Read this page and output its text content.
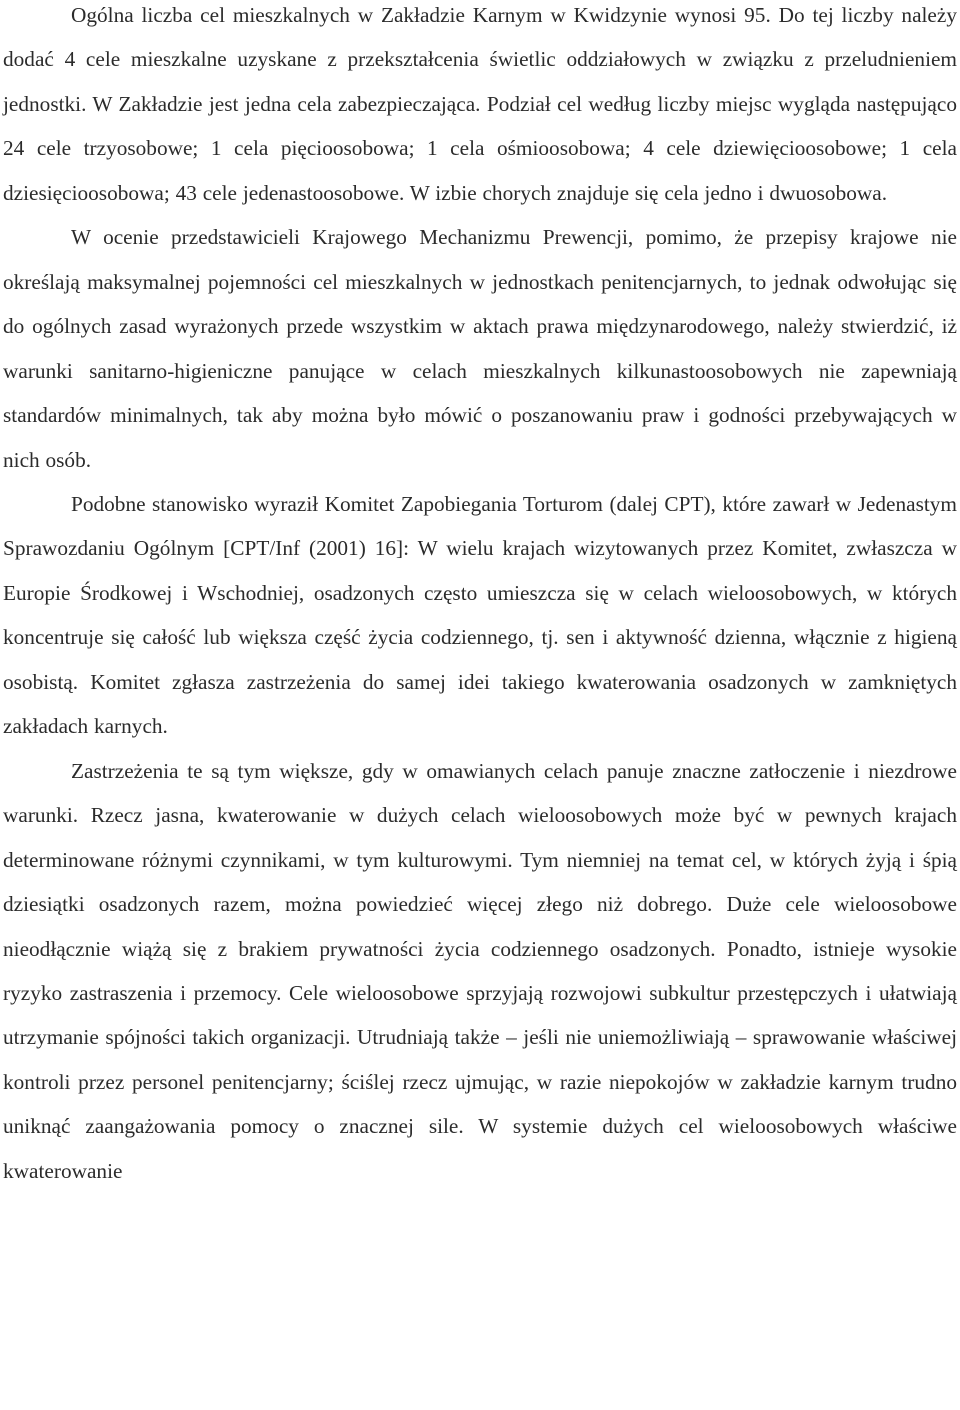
Ogólna liczba cel mieszkalnych w Zakładzie Karnym w Kwidzynie wynosi 95. Do tej liczby należy dodać 4 cele mieszkalne uzyskane z przekształcenia świetlic oddziałowych w związku z przeludnieniem jednostki. W Zakładzie jest jedna cela zabezpieczająca. Podział cel według liczby miejsc wygląda następująco 24 cele trzyosobowe; 1 cela pięcioosobowa; 1 cela ośmioosobowa; 4 cele dziewięcioosobowe; 1 cela dziesięcioosobowa; 43 cele jedenastoosobowe. W izbie chorych znajduje się cela jedno i dwuosobowa.

W ocenie przedstawicieli Krajowego Mechanizmu Prewencji, pomimo, że przepisy krajowe nie określają maksymalnej pojemności cel mieszkalnych w jednostkach penitencjarnych, to jednak odwołując się do ogólnych zasad wyrażonych przede wszystkim w aktach prawa międzynarodowego, należy stwierdzić, iż warunki sanitarno-higieniczne panujące w celach mieszkalnych kilkunastoosobowych nie zapewniają standardów minimalnych, tak aby można było mówić o poszanowaniu praw i godności przebywających w nich osób.

Podobne stanowisko wyraził Komitet Zapobiegania Torturom (dalej CPT), które zawarł w Jedenastym Sprawozdaniu Ogólnym [CPT/Inf (2001) 16]: W wielu krajach wizytowanych przez Komitet, zwłaszcza w Europie Środkowej i Wschodniej, osadzonych często umieszcza się w celach wieloosobowych, w których koncentruje się całość lub większa część życia codziennego, tj. sen i aktywność dzienna, włącznie z higieną osobistą. Komitet zgłasza zastrzeżenia do samej idei takiego kwaterowania osadzonych w zamkniętych zakładach karnych.

Zastrzeżenia te są tym większe, gdy w omawianych celach panuje znaczne zatłoczenie i niezdrowe warunki. Rzecz jasna, kwaterowanie w dużych celach wieloosobowych może być w pewnych krajach determinowane różnymi czynnikami, w tym kulturowymi. Tym niemniej na temat cel, w których żyją i śpią dziesiątki osadzonych razem, można powiedzieć więcej złego niż dobrego. Duże cele wieloosobowe nieodłącznie wiążą się z brakiem prywatności życia codziennego osadzonych. Ponadto, istnieje wysokie ryzyko zastraszenia i przemocy. Cele wieloosobowe sprzyjają rozwojowi subkultur przestępczych i ułatwiają utrzymanie spójności takich organizacji. Utrudniają także – jeśli nie uniemożliwiają – sprawowanie właściwej kontroli przez personel penitencjarny; ściślej rzecz ujmując, w razie niepokojów w zakładzie karnym trudno uniknąć zaangażowania pomocy o znacznej sile. W systemie dużych cel wieloosobowych właściwe kwaterowanie
